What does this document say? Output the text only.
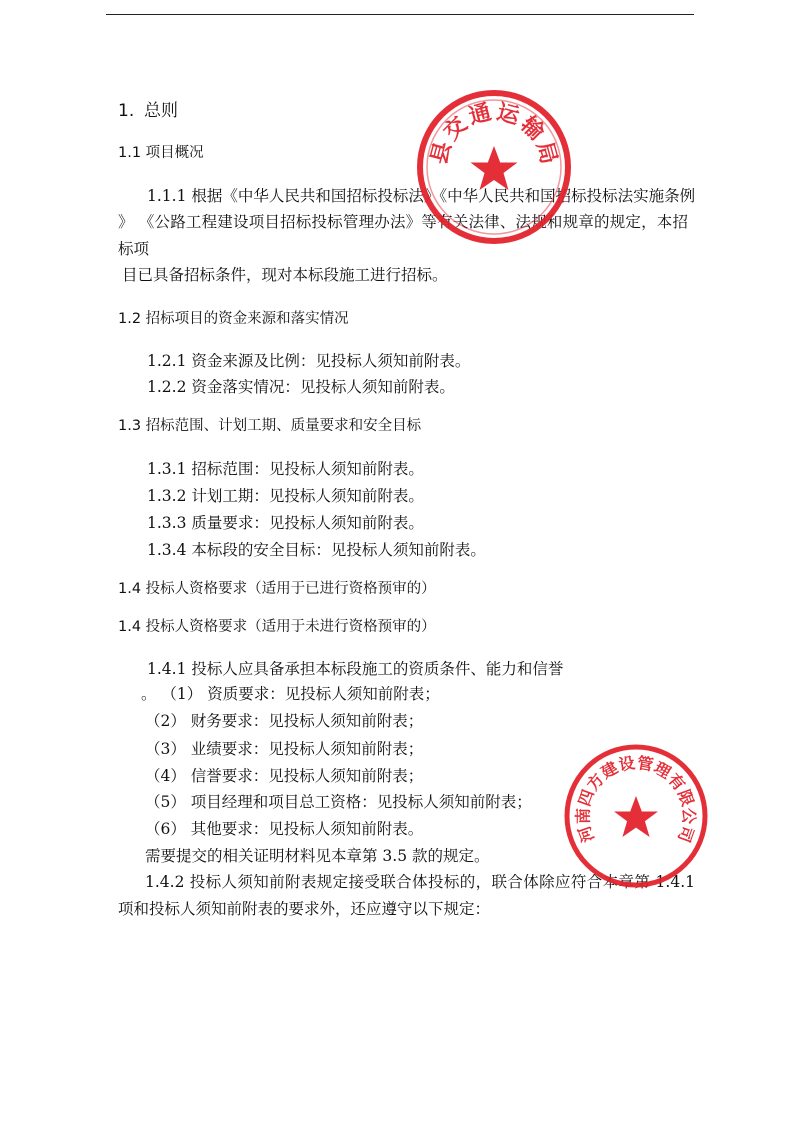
1. 总则
1.1 项目概况
1.1.1 根据《中华人民共和国招标投标法》《中华人民共和国招标投标法实施条例
》 《公路工程建设项目招标投标管理办法》等有关法律、法规和规章的规定，本招
标项
目已具备招标条件，现对本标段施工进行招标。
1.2 招标项目的资金来源和落实情况
1.2.1 资金来源及比例：见投标人须知前附表。
1.2.2 资金落实情况：见投标人须知前附表。
1.3 招标范围、计划工期、质量要求和安全目标
1.3.1 招标范围：见投标人须知前附表。
1.3.2 计划工期：见投标人须知前附表。
1.3.3 质量要求：见投标人须知前附表。
1.3.4 本标段的安全目标：见投标人须知前附表。
1.4 投标人资格要求（适用于已进行资格预审的）
1.4 投标人资格要求（适用于未进行资格预审的）
1.4.1 投标人应具备承担本标段施工的资质条件、能力和信誉
。 （1） 资质要求：见投标人须知前附表；
（2） 财务要求：见投标人须知前附表；
（3） 业绩要求：见投标人须知前附表；
（4） 信誉要求：见投标人须知前附表；
（5） 项目经理和项目总工资格：见投标人须知前附表；
（6） 其他要求：见投标人须知前附表。
需要提交的相关证明材料见本章第 3.5 款的规定。
1.4.2 投标人须知前附表规定接受联合体投标的，联合体除应符合本章第 1.4.1
项和投标人须知前附表的要求外，还应遵守以下规定：
县
交
通 运
输
局
河
南
四
方
建
设 管
理
有
限
公
司
